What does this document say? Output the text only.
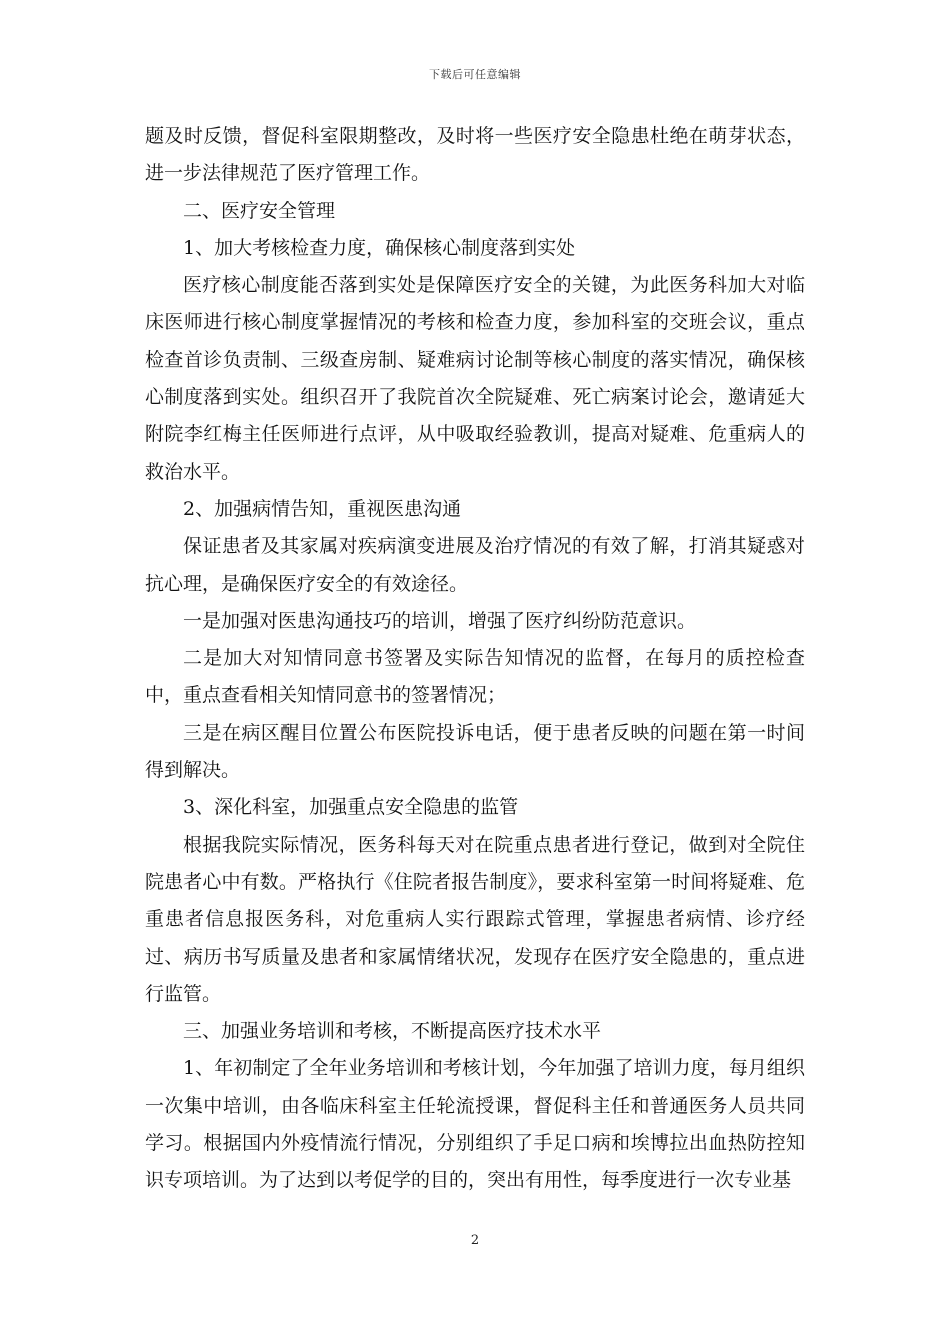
下载后可任意编辑

题及时反馈，督促科室限期整改，及时将一些医疗安全隐患杜绝在萌芽状态，进一步法律规范了医疗管理工作。

二、医疗安全管理

1、加大考核检查力度，确保核心制度落到实处

医疗核心制度能否落到实处是保障医疗安全的关键，为此医务科加大对临床医师进行核心制度掌握情况的考核和检查力度，参加科室的交班会议，重点检查首诊负责制、三级查房制、疑难病讨论制等核心制度的落实情况，确保核心制度落到实处。组织召开了我院首次全院疑难、死亡病案讨论会，邀请延大附院李红梅主任医师进行点评，从中吸取经验教训，提高对疑难、危重病人的救治水平。

2、加强病情告知，重视医患沟通

保证患者及其家属对疾病演变进展及治疗情况的有效了解，打消其疑惑对抗心理，是确保医疗安全的有效途径。

一是加强对医患沟通技巧的培训，增强了医疗纠纷防范意识。

二是加大对知情同意书签署及实际告知情况的监督，在每月的质控检查中，重点查看相关知情同意书的签署情况；

三是在病区醒目位置公布医院投诉电话，便于患者反映的问题在第一时间得到解决。

3、深化科室，加强重点安全隐患的监管

根据我院实际情况，医务科每天对在院重点患者进行登记，做到对全院住院患者心中有数。严格执行《住院者报告制度》，要求科室第一时间将疑难、危重患者信息报医务科，对危重病人实行跟踪式管理，掌握患者病情、诊疗经过、病历书写质量及患者和家属情绪状况，发现存在医疗安全隐患的，重点进行监管。

三、加强业务培训和考核，不断提高医疗技术水平

1、年初制定了全年业务培训和考核计划，今年加强了培训力度，每月组织一次集中培训，由各临床科室主任轮流授课，督促科主任和普通医务人员共同学习。根据国内外疫情流行情况，分别组织了手足口病和埃博拉出血热防控知识专项培训。为了达到以考促学的目的，突出有用性，每季度进行一次专业基

2
